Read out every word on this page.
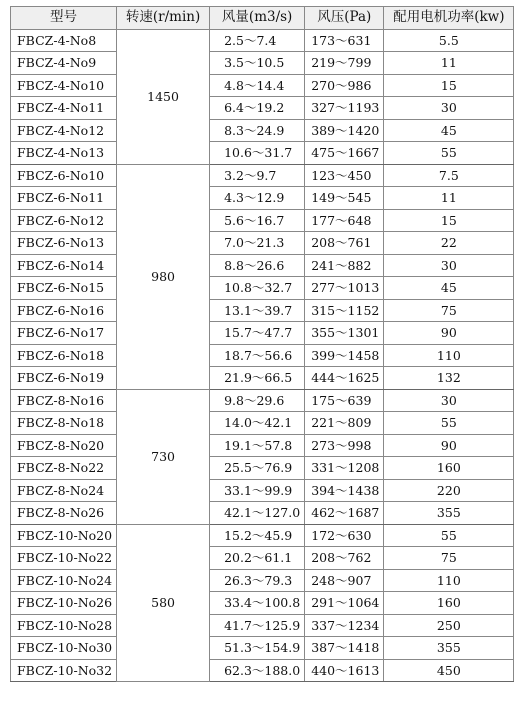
型号	转速(r/min)	风量(m3/s)	风压(Pa)	配用电机功率(kw)
FBCZ-4-No8	1450	2.5～7.4	173～631	5.5
FBCZ-4-No9		3.5～10.5	219～799	11
FBCZ-4-No10		4.8～14.4	270～986	15
FBCZ-4-No11		6.4～19.2	327～1193	30
FBCZ-4-No12		8.3～24.9	389～1420	45
FBCZ-4-No13		10.6～31.7	475～1667	55
FBCZ-6-No10	980	3.2～9.7	123～450	7.5
FBCZ-6-No11		4.3～12.9	149～545	11
FBCZ-6-No12		5.6～16.7	177～648	15
FBCZ-6-No13		7.0～21.3	208～761	22
FBCZ-6-No14		8.8～26.6	241～882	30
FBCZ-6-No15		10.8～32.7	277～1013	45
FBCZ-6-No16		13.1～39.7	315～1152	75
FBCZ-6-No17		15.7～47.7	355～1301	90
FBCZ-6-No18		18.7～56.6	399～1458	110
FBCZ-6-No19		21.9～66.5	444～1625	132
FBCZ-8-No16	730	9.8～29.6	175～639	30
FBCZ-8-No18		14.0～42.1	221～809	55
FBCZ-8-No20		19.1～57.8	273～998	90
FBCZ-8-No22		25.5～76.9	331～1208	160
FBCZ-8-No24		33.1～99.9	394～1438	220
FBCZ-8-No26		42.1～127.0	462～1687	355
FBCZ-10-No20	580	15.2～45.9	172～630	55
FBCZ-10-No22		20.2～61.1	208～762	75
FBCZ-10-No24		26.3～79.3	248～907	110
FBCZ-10-No26		33.4～100.8	291～1064	160
FBCZ-10-No28		41.7～125.9	337～1234	250
FBCZ-10-No30		51.3～154.9	387～1418	355
FBCZ-10-No32		62.3～188.0	440～1613	450
